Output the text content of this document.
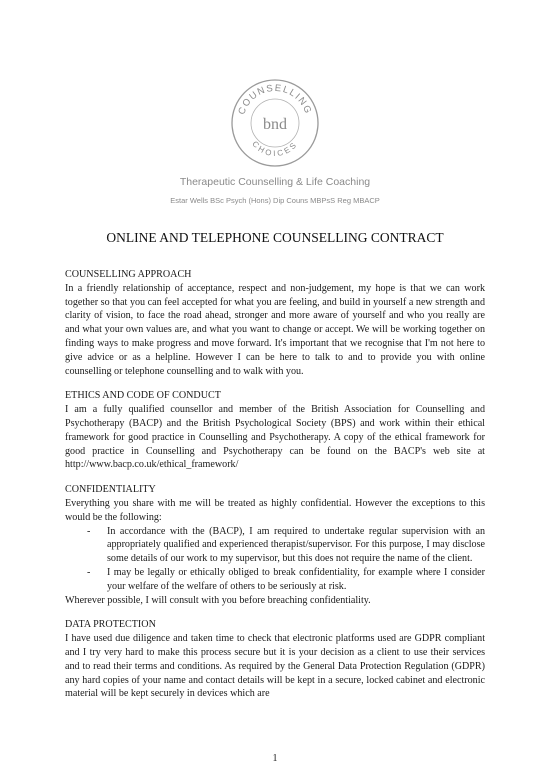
COUNSELLING
CHOICES
bnd
Therapeutic Counselling & Life Coaching
Estar Wells BSc Psych (Hons) Dip Couns MBPsS Reg MBACP
ONLINE AND TELEPHONE COUNSELLING CONTRACT

COUNSELLING APPROACH

In a friendly relationship of acceptance, respect and non-judgement, my hope is that we can work together so that you can feel accepted for what you are feeling, and build in yourself a new strength and clarity of vision, to face the road ahead, stronger and more aware of yourself and who you really are and what your own values are, and what you want to change or accept. We will be working together on finding ways to make progress and move forward. It's important that we recognise that I'm not here to give advice or as a helpline. However I can be here to talk to and to provide you with online counselling or telephone counselling and to walk with you.

ETHICS AND CODE OF CONDUCT

I am a fully qualified counsellor and member of the British Association for Counselling and Psychotherapy (BACP) and the British Psychological Society (BPS) and work within their ethical framework for good practice in Counselling and Psychotherapy. A copy of the ethical framework for good practice in Counselling and Psychotherapy can be found on the BACP's web site at http://www.bacp.co.uk/ethical_framework/

CONFIDENTIALITY

Everything you share with me will be treated as highly confidential. However the exceptions to this would be the following:

- In accordance with the (BACP), I am required to undertake regular supervision with an appropriately qualified and experienced therapist/supervisor. For this purpose, I may disclose some details of our work to my supervisor, but this does not require the name of the client.
- I may be legally or ethically obliged to break confidentiality, for example where I consider your welfare of the welfare of others to be seriously at risk.

Wherever possible, I will consult with you before breaching confidentiality.

DATA PROTECTION

I have used due diligence and taken time to check that electronic platforms used are GDPR compliant and I try very hard to make this process secure but it is your decision as a client to use their services and to read their terms and conditions. As required by the General Data Protection Regulation (GDPR) any hard copies of your name and contact details will be kept in a secure, locked cabinet and electronic material will be kept securely in devices which are

1
